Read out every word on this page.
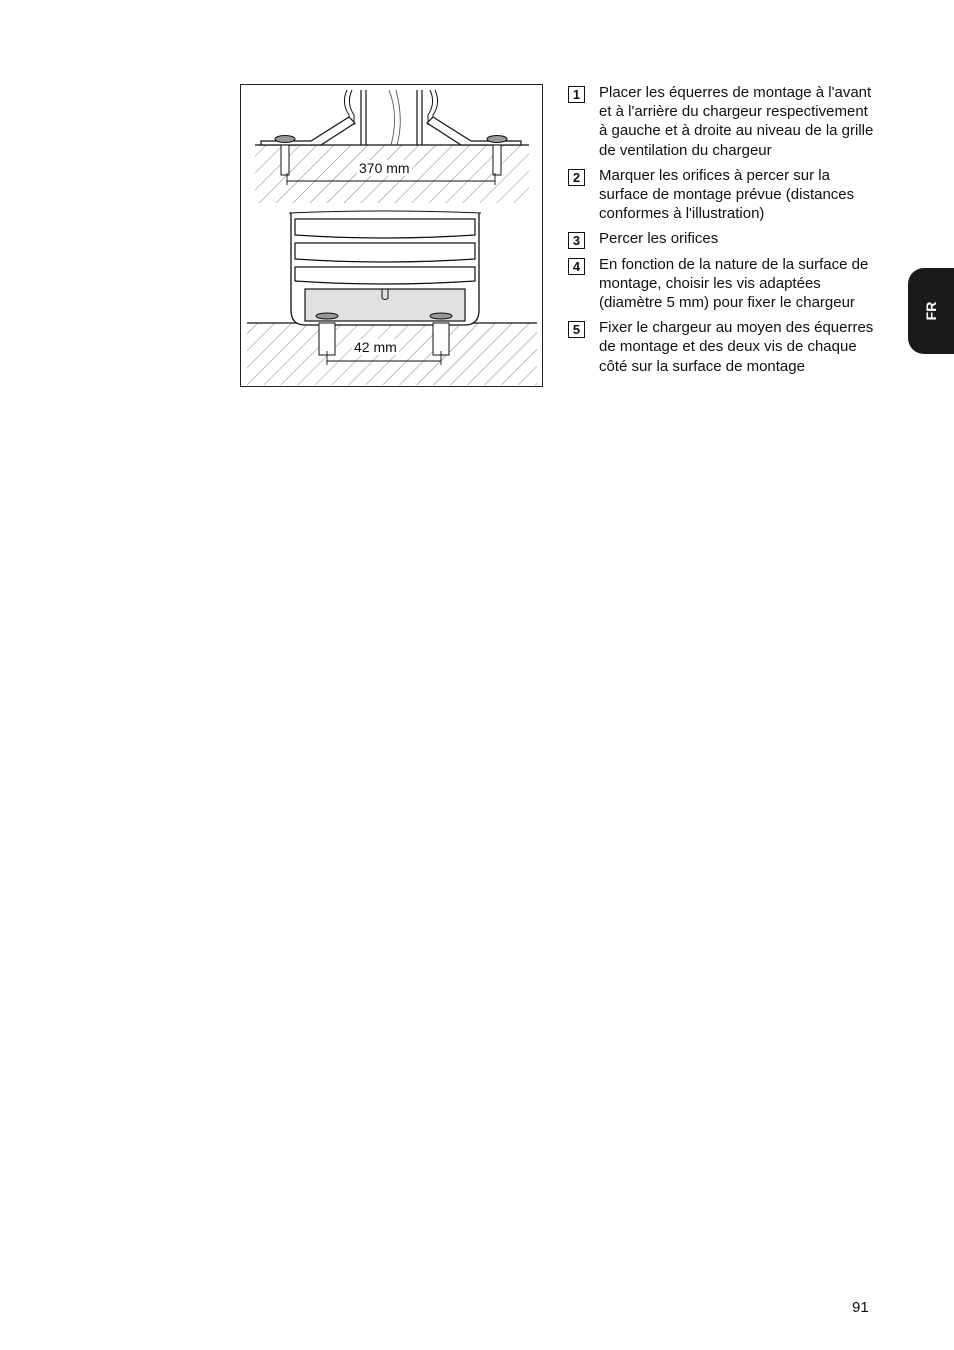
370 mm
42 mm
1	Placer les équerres de montage à l'avant et à l'arrière du chargeur respectivement à gauche et à droite au niveau de la grille de ventilation du chargeur
2	Marquer les orifices à percer sur la surface de montage prévue (distances conformes à l'illustration)
3	Percer les orifices
4	En fonction de la nature de la surface de montage, choisir les vis adaptées (diamètre 5 mm) pour fixer le chargeur
5	Fixer le chargeur au moyen des équerres de montage et des deux vis de chaque côté sur la surface de montage
FR
91
